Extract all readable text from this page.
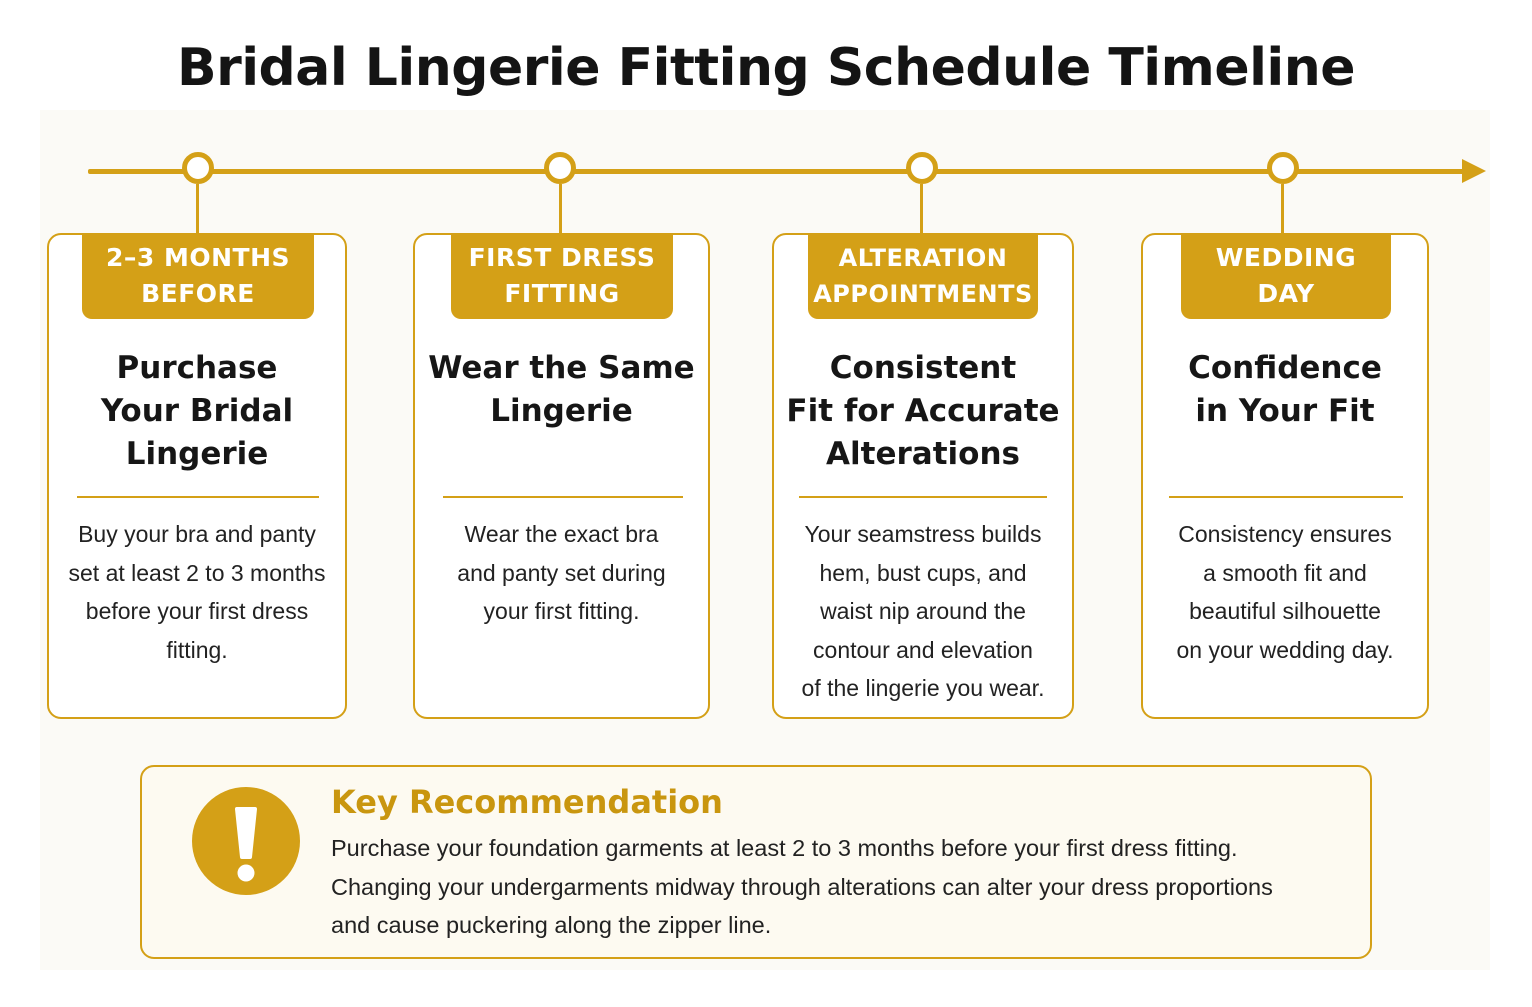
Bridal Lingerie Fitting Schedule Timeline
2–3 MONTHS
BEFORE
Purchase
Your Bridal
Lingerie
Buy your bra and panty
set at least 2 to 3 months
before your first dress
fitting.
FIRST DRESS
FITTING
Wear the Same
Lingerie
Wear the exact bra
and panty set during
your first fitting.
ALTERATION
APPOINTMENTS
Consistent
Fit for Accurate
Alterations
Your seamstress builds
hem, bust cups, and
waist nip around the
contour and elevation
of the lingerie you wear.
WEDDING
DAY
Confidence
in Your Fit
Consistency ensures
a smooth fit and
beautiful silhouette
on your wedding day.
Key Recommendation
Purchase your foundation garments at least 2 to 3 months before your first dress fitting.
Changing your undergarments midway through alterations can alter your dress proportions
and cause puckering along the zipper line.
